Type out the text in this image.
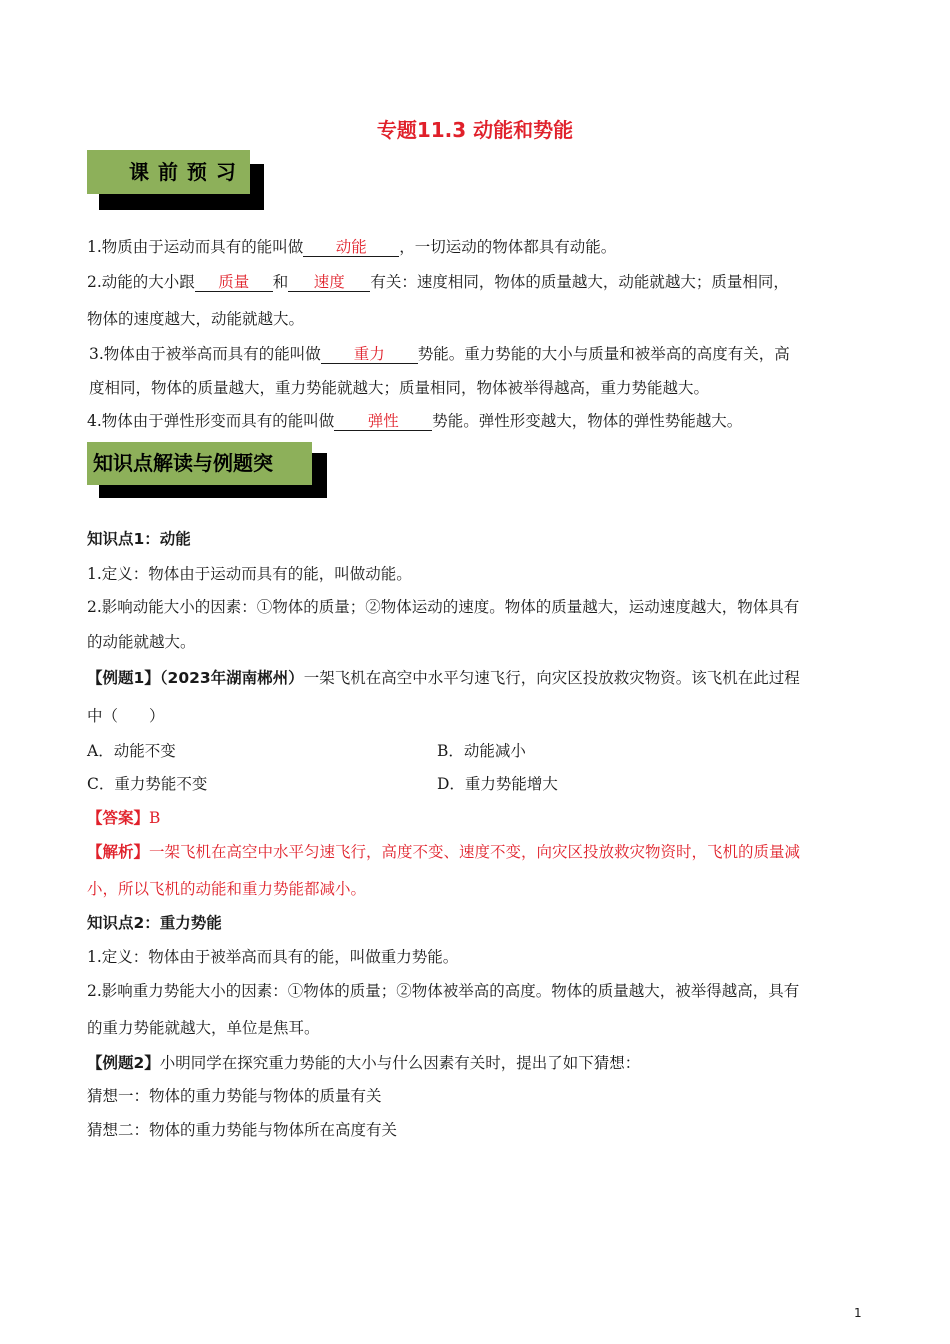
专题11.3 动能和势能
课 前 预 习
1.物质由于运动而具有的能叫做 动能 ，一切运动的物体都具有动能。
2.动能的大小跟 质量 和 速度 有关：速度相同，物体的质量越大，动能就越大；质量相同，
物体的速度越大，动能就越大。
3.物体由于被举高而具有的能叫做 重力 势能。重力势能的大小与质量和被举高的高度有关，高
度相同，物体的质量越大，重力势能就越大；质量相同，物体被举得越高，重力势能越大。
4.物体由于弹性形变而具有的能叫做 弹性 势能。弹性形变越大，物体的弹性势能越大。
知识点解读与例题突
知识点1：动能
1.定义：物体由于运动而具有的能，叫做动能。
2.影响动能大小的因素：①物体的质量；②物体运动的速度。物体的质量越大，运动速度越大，物体具有
的动能就越大。
【例题1】（2023年湖南郴州）一架飞机在高空中水平匀速飞行，向灾区投放救灾物资。该飞机在此过程
中（　　）
A．动能不变	B．动能减小
C．重力势能不变	D．重力势能增大
【答案】B
【解析】一架飞机在高空中水平匀速飞行，高度不变、速度不变，向灾区投放救灾物资时，飞机的质量减
小，所以飞机的动能和重力势能都减小。
知识点2：重力势能
1.定义：物体由于被举高而具有的能，叫做重力势能。
2.影响重力势能大小的因素：①物体的质量；②物体被举高的高度。物体的质量越大，被举得越高，具有
的重力势能就越大，单位是焦耳。
【例题2】小明同学在探究重力势能的大小与什么因素有关时，提出了如下猜想：
猜想一：物体的重力势能与物体的质量有关
猜想二：物体的重力势能与物体所在高度有关
1
